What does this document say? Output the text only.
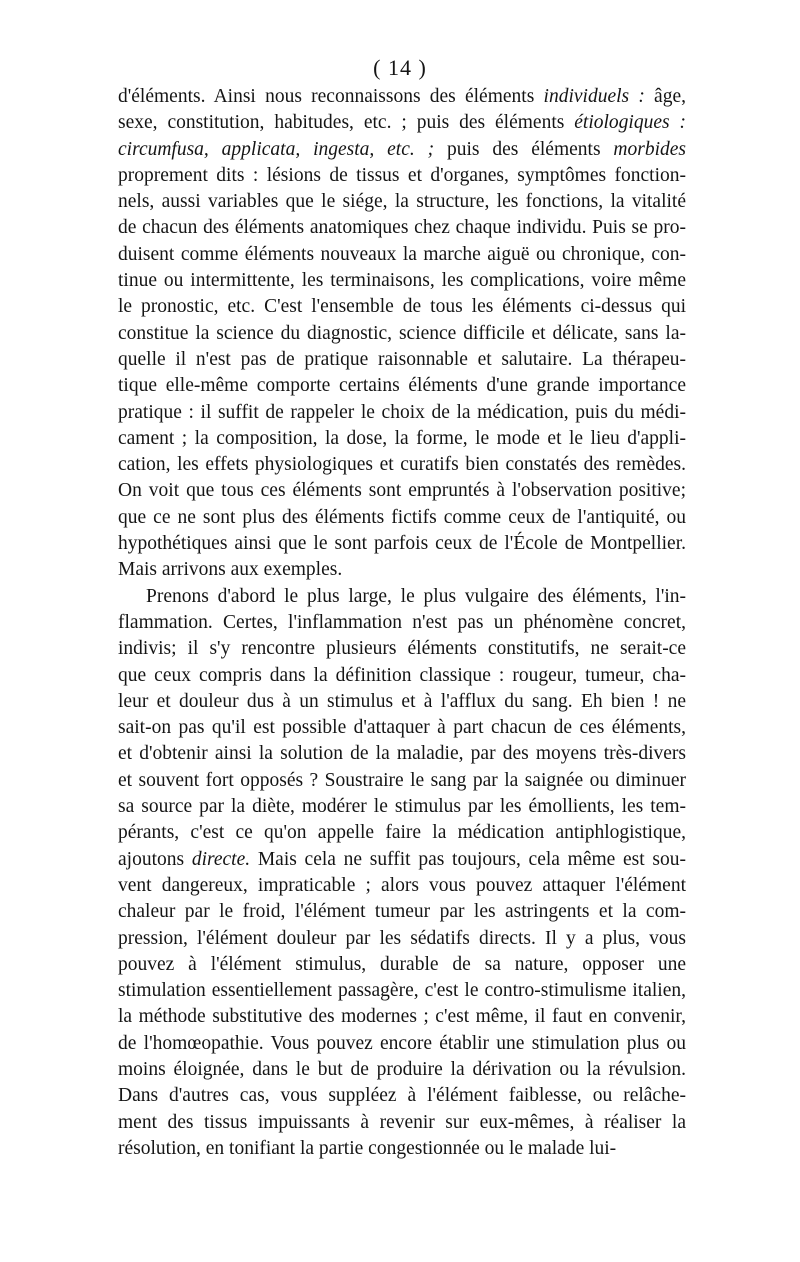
( 14 )
d'éléments. Ainsi nous reconnaissons des éléments individuels : âge,
sexe, constitution, habitudes, etc. ; puis des éléments étiologiques :
circumfusa, applicata, ingesta, etc. ; puis des éléments morbides
proprement dits : lésions de tissus et d'organes, symptômes fonction-
nels, aussi variables que le siége, la structure, les fonctions, la vitalité
de chacun des éléments anatomiques chez chaque individu. Puis se pro-
duisent comme éléments nouveaux la marche aiguë ou chronique, con-
tinue ou intermittente, les terminaisons, les complications, voire même
le pronostic, etc. C'est l'ensemble de tous les éléments ci-dessus qui
constitue la science du diagnostic, science difficile et délicate, sans la-
quelle il n'est pas de pratique raisonnable et salutaire. La thérapeu-
tique elle-même comporte certains éléments d'une grande importance
pratique : il suffit de rappeler le choix de la médication, puis du médi-
cament ; la composition, la dose, la forme, le mode et le lieu d'appli-
cation, les effets physiologiques et curatifs bien constatés des remèdes.
On voit que tous ces éléments sont empruntés à l'observation positive;
que ce ne sont plus des éléments fictifs comme ceux de l'antiquité, ou
hypothétiques ainsi que le sont parfois ceux de l'École de Montpellier.
Mais arrivons aux exemples.
Prenons d'abord le plus large, le plus vulgaire des éléments, l'in-
flammation. Certes, l'inflammation n'est pas un phénomène concret,
indivis; il s'y rencontre plusieurs éléments constitutifs, ne serait-ce
que ceux compris dans la définition classique : rougeur, tumeur, cha-
leur et douleur dus à un stimulus et à l'afflux du sang. Eh bien ! ne
sait-on pas qu'il est possible d'attaquer à part chacun de ces éléments,
et d'obtenir ainsi la solution de la maladie, par des moyens très-divers
et souvent fort opposés ? Soustraire le sang par la saignée ou diminuer
sa source par la diète, modérer le stimulus par les émollients, les tem-
pérants, c'est ce qu'on appelle faire la médication antiphlogistique,
ajoutons directe. Mais cela ne suffit pas toujours, cela même est sou-
vent dangereux, impraticable ; alors vous pouvez attaquer l'élément
chaleur par le froid, l'élément tumeur par les astringents et la com-
pression, l'élément douleur par les sédatifs directs. Il y a plus, vous
pouvez à l'élément stimulus, durable de sa nature, opposer une
stimulation essentiellement passagère, c'est le contro-stimulisme italien,
la méthode substitutive des modernes ; c'est même, il faut en convenir,
de l'homœopathie. Vous pouvez encore établir une stimulation plus ou
moins éloignée, dans le but de produire la dérivation ou la révulsion.
Dans d'autres cas, vous suppléez à l'élément faiblesse, ou relâche-
ment des tissus impuissants à revenir sur eux-mêmes, à réaliser la
résolution, en tonifiant la partie congestionnée ou le malade lui-
